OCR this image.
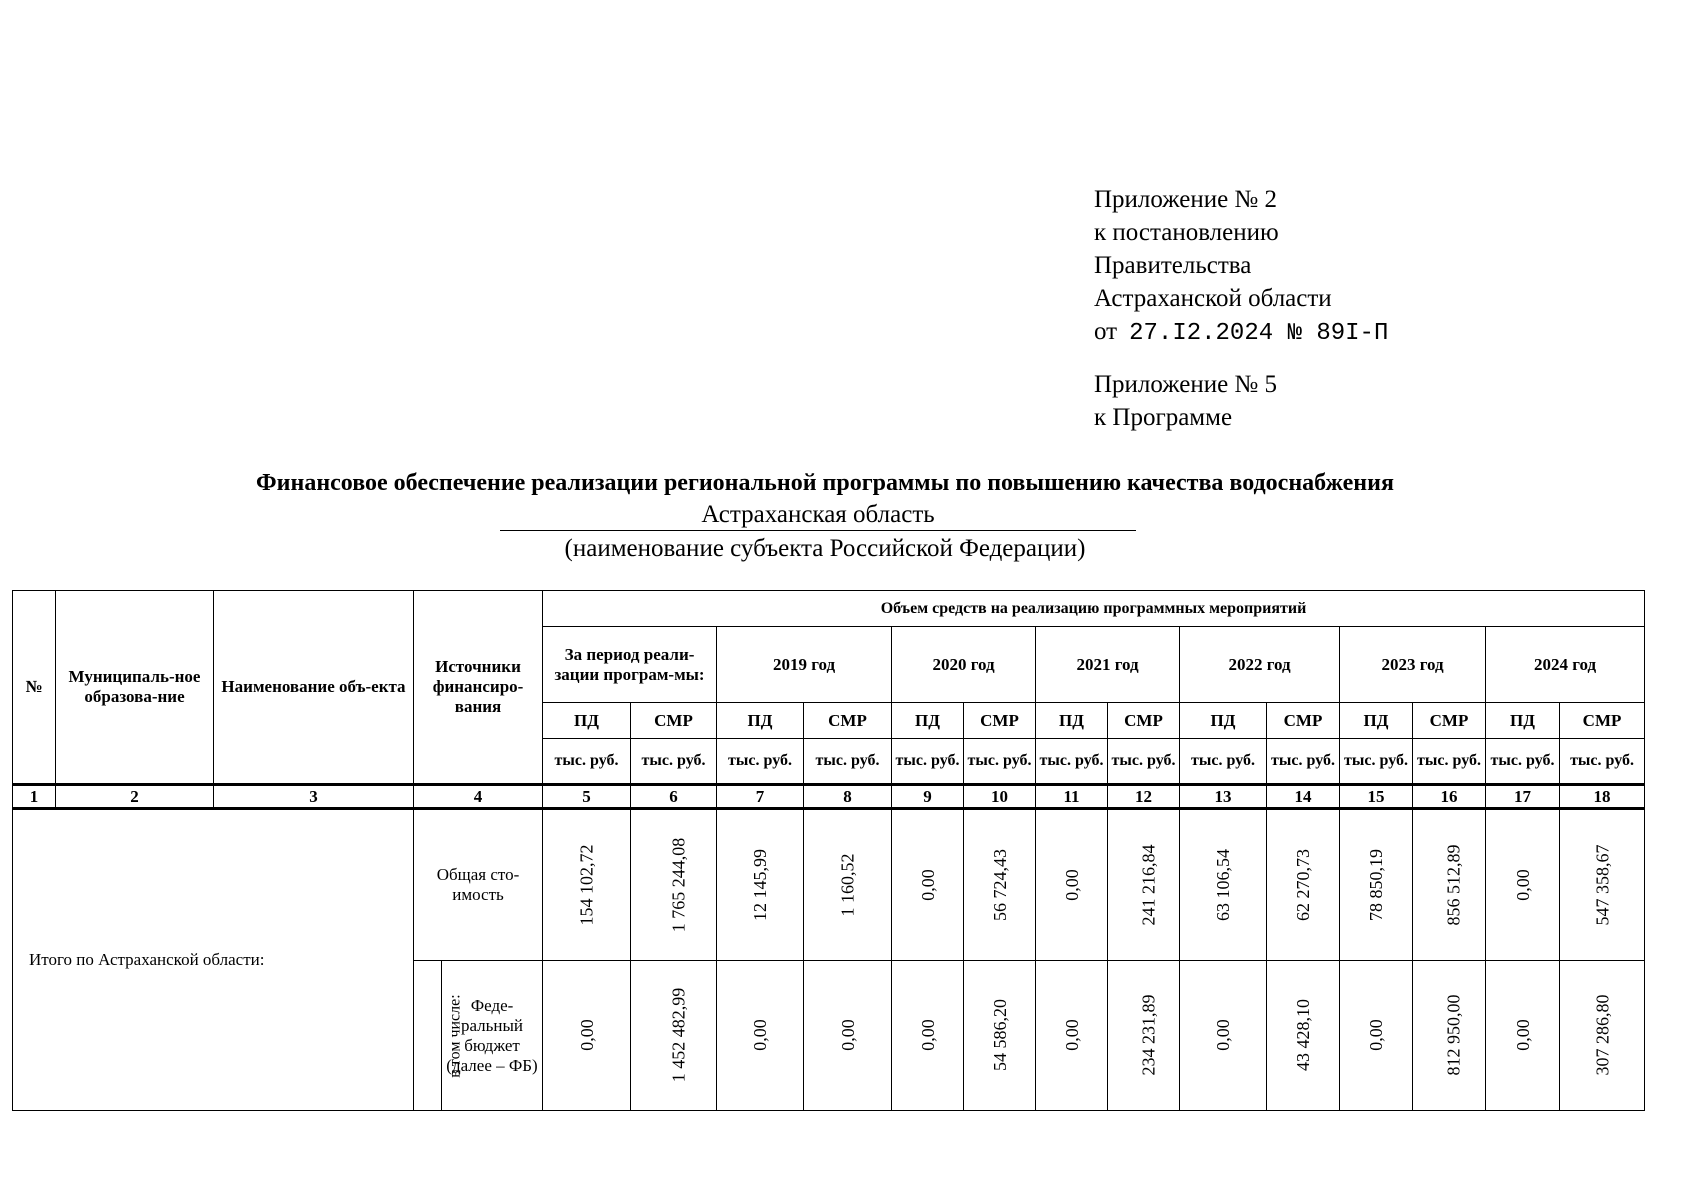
Приложение № 2
к постановлению
Правительства
Астраханской области
от 27.I2.2024 № 89I-П
Приложение № 5
к Программе
Финансовое обеспечение реализации региональной программы по повышению качества водоснабжения
Астраханская область
(наименование субъекта Российской Федерации)
№	Муниципаль-ное образова-ние	Наименование объ-екта	Источники финансиро-вания		Объем средств на реализацию программных мероприятий													
					За период реали-зации програм-мы:		2019 год		2020 год		2021 год		2022 год		2023 год		2024 год	
					ПД	СМР	ПД	СМР	ПД	СМР	ПД	СМР	ПД	СМР	ПД	СМР	ПД	СМР
					тыс. руб.	тыс. руб.	тыс. руб.	тыс. руб.	тыс. руб.	тыс. руб.	тыс. руб.	тыс. руб.	тыс. руб.	тыс. руб.	тыс. руб.	тыс. руб.	тыс. руб.	тыс. руб.
1	2	3	4		5	6	7	8	9	10	11	12	13	14	15	16	17	18
Итого по Астраханской области:			Общая сто-имость		154 102,72	1 765 244,08	12 145,99	1 160,52	0,00	56 724,43	0,00	241 216,84	63 106,54	62 270,73	78 850,19	856 512,89	0,00	547 358,67
			в том числе:	Феде-ральный бюджет (далее – ФБ)	0,00	1 452 482,99	0,00	0,00	0,00	54 586,20	0,00	234 231,89	0,00	43 428,10	0,00	812 950,00	0,00	307 286,80
